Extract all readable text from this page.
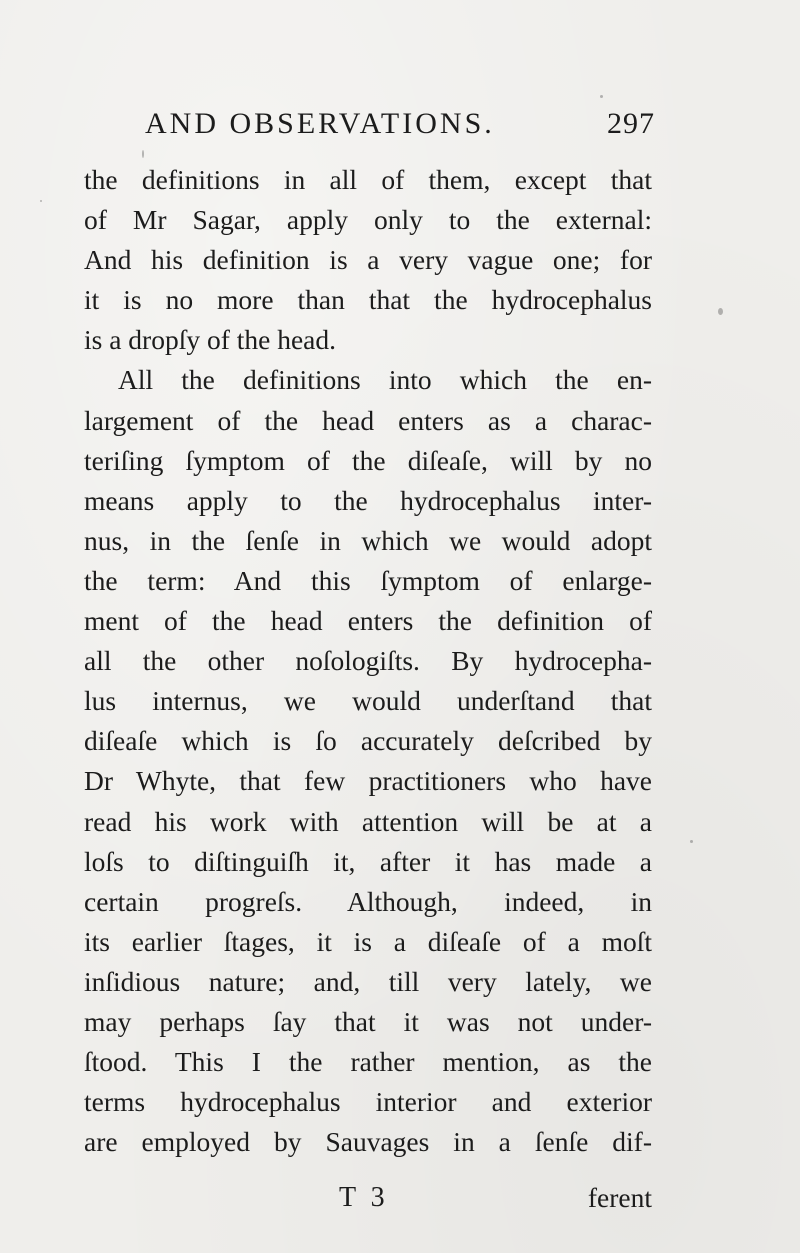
AND OBSERVATIONS.	297
the definitions in all of them, except that
of Mr Sagar, apply only to the external:
And his definition is a very vague one; for
it is no more than that the hydrocephalus
is a dropſy of the head.
All the definitions into which the en-
largement of the head enters as a charac-
teriſing ſymptom of the diſeaſe, will by no
means apply to the hydrocephalus inter-
nus, in the ſenſe in which we would adopt
the term: And this ſymptom of enlarge-
ment of the head enters the definition of
all the other noſologiſts. By hydrocepha-
lus internus, we would underſtand that
diſeaſe which is ſo accurately deſcribed by
Dr Whyte, that few practitioners who have
read his work with attention will be at a
loſs to diſtinguiſh it, after it has made a
certain progreſs. Although, indeed, in
its earlier ſtages, it is a diſeaſe of a moſt
inſidious nature; and, till very lately, we
may perhaps ſay that it was not under-
ſtood. This I the rather mention, as the
terms hydrocephalus interior and exterior
are employed by Sauvages in a ſenſe dif-
T 3	ferent
